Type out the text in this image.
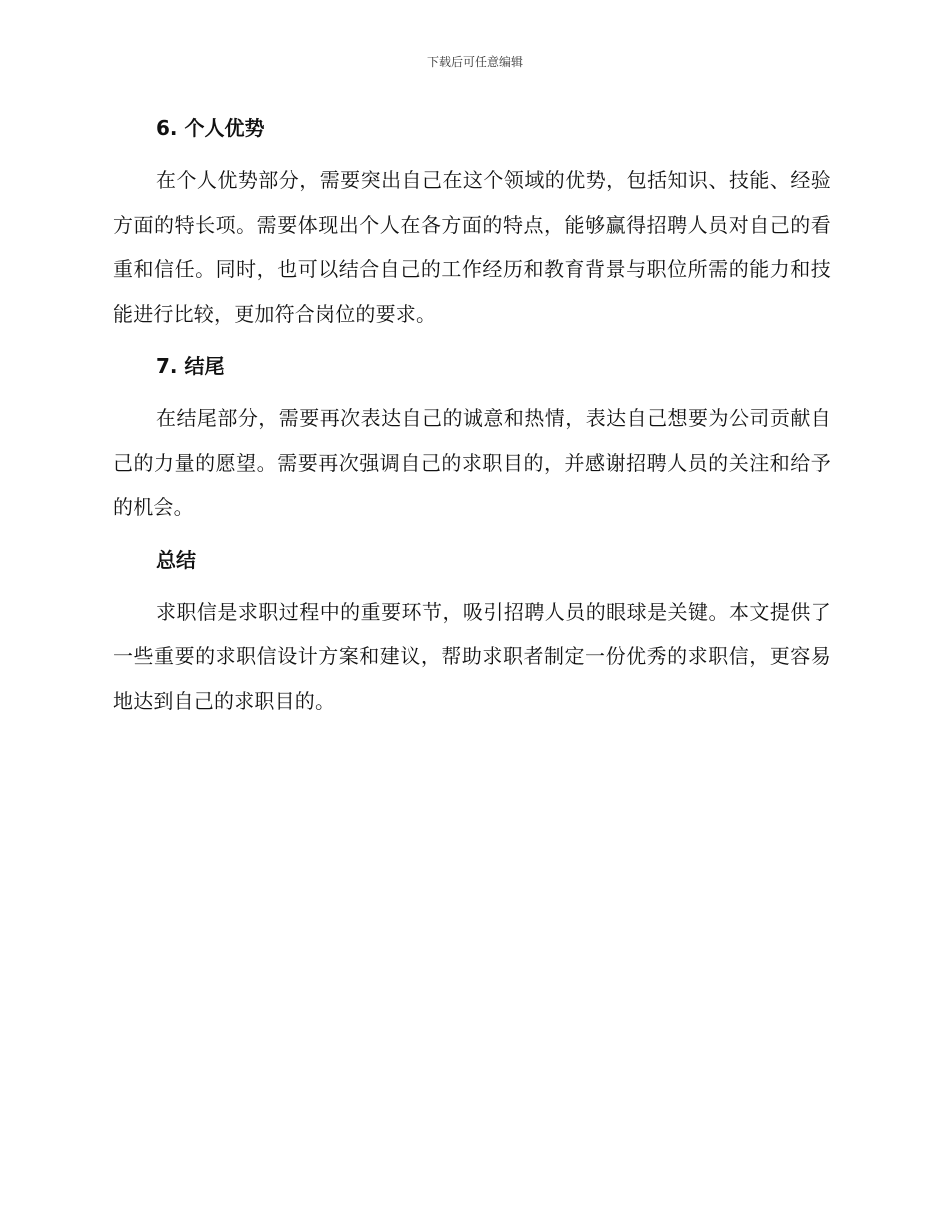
下载后可任意编辑
6. 个人优势

在个人优势部分，需要突出自己在这个领域的优势，包括知识、技能、经验方面的特长项。需要体现出个人在各方面的特点，能够赢得招聘人员对自己的看重和信任。同时，也可以结合自己的工作经历和教育背景与职位所需的能力和技能进行比较，更加符合岗位的要求。

7. 结尾

在结尾部分，需要再次表达自己的诚意和热情，表达自己想要为公司贡献自己的力量的愿望。需要再次强调自己的求职目的，并感谢招聘人员的关注和给予的机会。

总结

求职信是求职过程中的重要环节，吸引招聘人员的眼球是关键。本文提供了一些重要的求职信设计方案和建议，帮助求职者制定一份优秀的求职信，更容易地达到自己的求职目的。
